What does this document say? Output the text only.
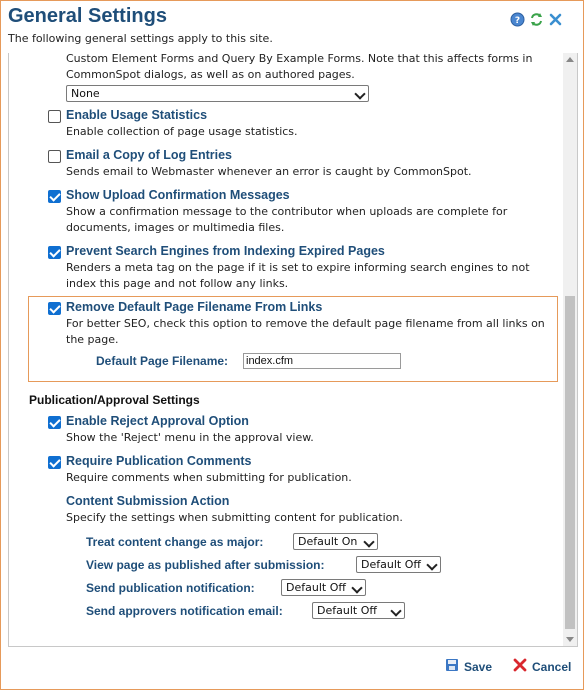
General Settings
The following general settings apply to this site.
?
Custom Element Forms and Query By Example Forms. Note that this affects forms in
CommonSpot dialogs, as well as on authored pages.
None
Enable Usage Statistics
Enable collection of page usage statistics.
Email a Copy of Log Entries
Sends email to Webmaster whenever an error is caught by CommonSpot.
Show Upload Confirmation Messages
Show a confirmation message to the contributor when uploads are complete for
documents, images or multimedia files.
Prevent Search Engines from Indexing Expired Pages
Renders a meta tag on the page if it is set to expire informing search engines to not
index this page and not follow any links.
Remove Default Page Filename From Links
For better SEO, check this option to remove the default page filename from all links on
the page.
Default Page Filename:
index.cfm
Publication/Approval Settings
Enable Reject Approval Option
Show the 'Reject' menu in the approval view.
Require Publication Comments
Require comments when submitting for publication.
Content Submission Action
Specify the settings when submitting content for publication.
Treat content change as major:	Default On
View page as published after submission:	Default Off
Send publication notification:	Default Off
Send approvers notification email:	Default Off
Save	Cancel
